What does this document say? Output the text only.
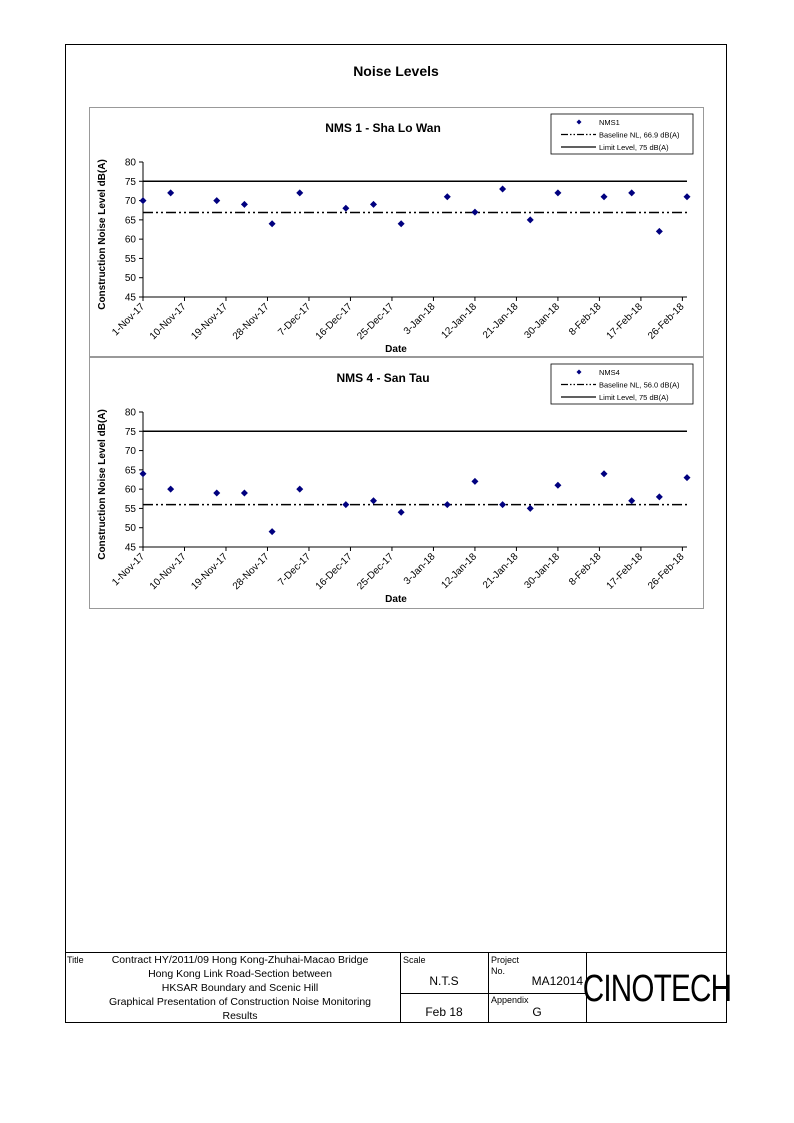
Noise Levels
NMS 1 - Sha Lo Wan
80
75
70
65
60
55
50
45
1-Nov-17 10-Nov-17 19-Nov-17 28-Nov-17 7-Dec-17 16-Dec-17 25-Dec-17 3-Jan-18 12-Jan-18 21-Jan-18 30-Jan-18 8-Feb-18 17-Feb-18 26-Feb-18
Date
Construction Noise Level dB(A)
NMS1
Baseline NL, 66.9 dB(A)
Limit Level, 75 dB(A)
NMS 4 - San Tau
80
75
70
65
60
55
50
45
1-Nov-17 10-Nov-17 19-Nov-17 28-Nov-17 7-Dec-17 16-Dec-17 25-Dec-17 3-Jan-18 12-Jan-18 21-Jan-18 30-Jan-18 8-Feb-18 17-Feb-18 26-Feb-18
Date
Construction Noise Level dB(A)
NMS4
Baseline NL, 56.0 dB(A)
Limit Level, 75 dB(A)
Title	Contract HY/2011/09 Hong Kong-Zhuhai-Macao Bridge
Hong Kong Link Road-Section between
HKSAR Boundary and Scenic Hill
Graphical Presentation of Construction Noise Monitoring
Results
Scale
N.T.S
Feb 18
Project
No.
MA12014
Appendix
G
CINOTECH
